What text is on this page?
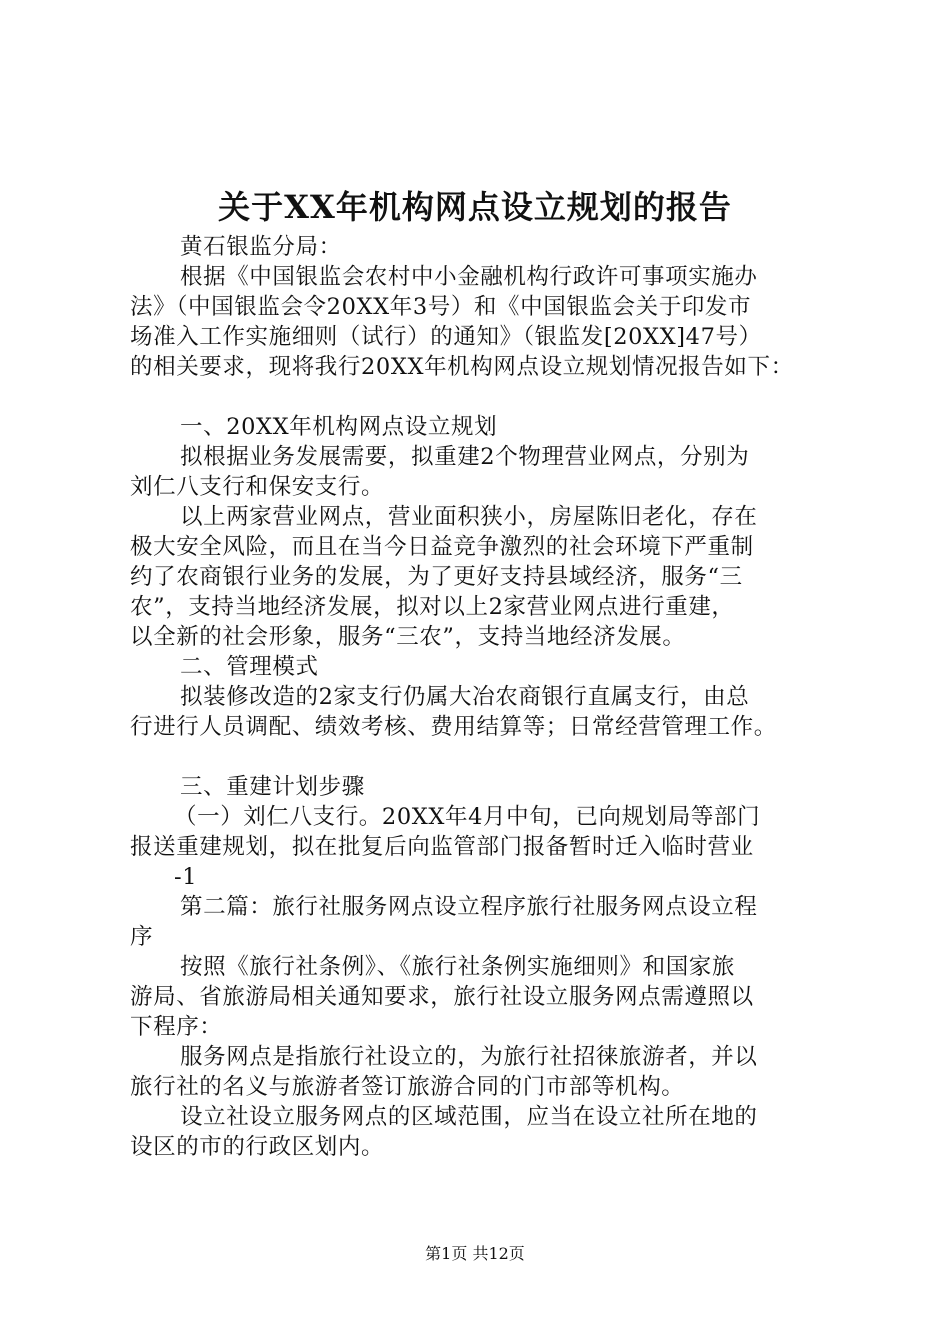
关于XX年机构网点设立规划的报告
黄石银监分局：
根据《中国银监会农村中小金融机构行政许可事项实施办
法》（中国银监会令20XX年3号）和《中国银监会关于印发市
场准入工作实施细则（试行）的通知》（银监发[20XX]47号）
的相关要求，现将我行20XX年机构网点设立规划情况报告如下：
一、20XX年机构网点设立规划
拟根据业务发展需要，拟重建2个物理营业网点，分别为
刘仁八支行和保安支行。
以上两家营业网点，营业面积狭小，房屋陈旧老化，存在
极大安全风险，而且在当今日益竞争激烈的社会环境下严重制
约了农商银行业务的发展，为了更好支持县域经济，服务“三
农”，支持当地经济发展，拟对以上2家营业网点进行重建，
以全新的社会形象，服务“三农”，支持当地经济发展。
二、管理模式
拟装修改造的2家支行仍属大冶农商银行直属支行，由总
行进行人员调配、绩效考核、费用结算等；日常经营管理工作。
三、重建计划步骤
（一）刘仁八支行。20XX年4月中旬，已向规划局等部门
报送重建规划，拟在批复后向监管部门报备暂时迁入临时营业
-1
第二篇：旅行社服务网点设立程序旅行社服务网点设立程
序
按照《旅行社条例》、《旅行社条例实施细则》和国家旅
游局、省旅游局相关通知要求，旅行社设立服务网点需遵照以
下程序：
服务网点是指旅行社设立的，为旅行社招徕旅游者，并以
旅行社的名义与旅游者签订旅游合同的门市部等机构。
设立社设立服务网点的区域范围，应当在设立社所在地的
设区的市的行政区划内。
第1页 共12页
